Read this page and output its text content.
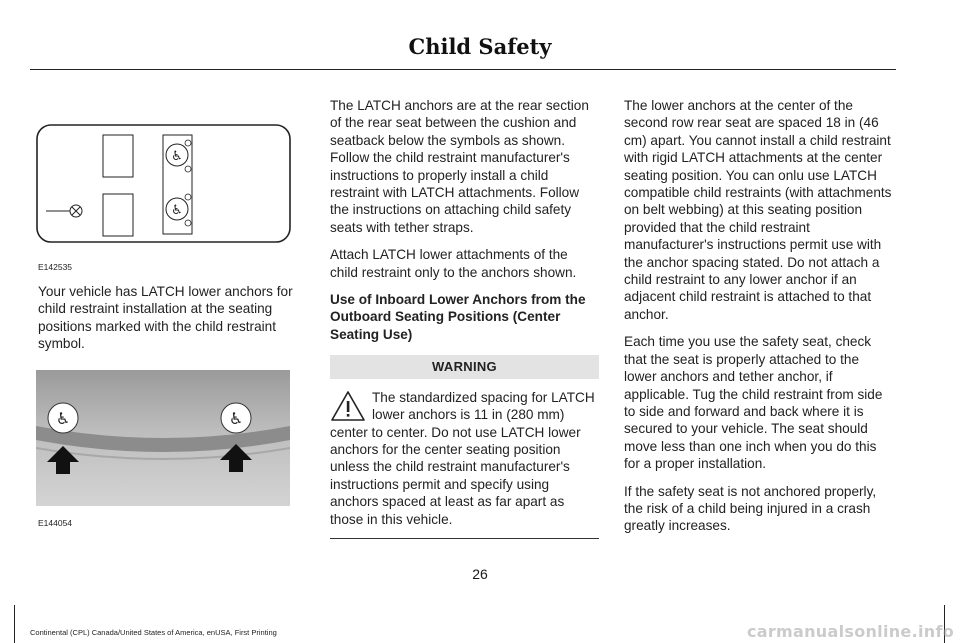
Child Safety
♿
♿
E142535

Your vehicle has LATCH lower anchors for child restraint installation at the seating positions marked with the child restraint symbol.

♿	♿
E144054

The LATCH anchors are at the rear section of the rear seat between the cushion and seatback below the symbols as shown. Follow the child restraint manufacturer's instructions to properly install a child restraint with LATCH attachments. Follow the instructions on attaching child safety seats with tether straps.

Attach LATCH lower attachments of the child restraint only to the anchors shown.

Use of Inboard Lower Anchors from the Outboard Seating Positions (Center Seating Use)
WARNING
The standardized spacing for LATCH lower anchors is 11 in (280 mm) center to center. Do not use LATCH lower anchors for the center seating position unless the child restraint manufacturer's instructions permit and specify using anchors spaced at least as far apart as those in this vehicle.

The lower anchors at the center of the second row rear seat are spaced 18 in (46 cm) apart. You cannot install a child restraint with rigid LATCH attachments at the center seating position. You can onlu use LATCH compatible child restraints (with attachments on belt webbing) at this seating position provided that the child restraint manufacturer's instructions permit use with the anchor spacing stated. Do not attach a child restraint to any lower anchor if an adjacent child restraint is attached to that anchor.

Each time you use the safety seat, check that the seat is properly attached to the lower anchors and tether anchor, if applicable. Tug the child restraint from side to side and forward and back where it is secured to your vehicle. The seat should move less than one inch when you do this for a proper installation.

If the safety seat is not anchored properly, the risk of a child being injured in a crash greatly increases.

26
Continental (CPL) Canada/United States of America, enUSA, First Printing	carmanualsonline.info
